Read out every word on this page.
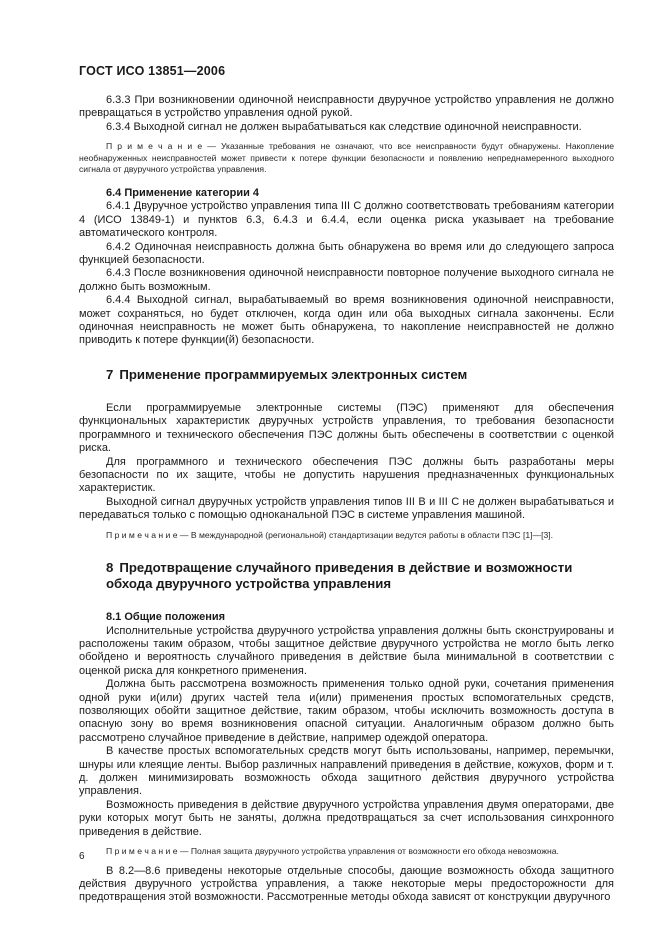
ГОСТ ИСО 13851—2006

6.3.3 При возникновении одиночной неисправности двуручное устройство управления не должно превращаться в устройство управления одной рукой.

6.3.4 Выходной сигнал не должен вырабатываться как следствие одиночной неисправности.

П р и м е ч а н и е — Указанные требования не означают, что все неисправности будут обнаружены. Накопление необнаруженных неисправностей может привести к потере функции безопасности и появлению непреднамеренного выходного сигнала от двуручного устройства управления.

6.4 Применение категории 4

6.4.1 Двуручное устройство управления типа III C должно соответствовать требованиям категории 4 (ИСО 13849-1) и пунктов 6.3, 6.4.3 и 6.4.4, если оценка риска указывает на требование автоматического контроля.

6.4.2 Одиночная неисправность должна быть обнаружена во время или до следующего запроса функцией безопасности.

6.4.3 После возникновения одиночной неисправности повторное получение выходного сигнала не должно быть возможным.

6.4.4 Выходной сигнал, вырабатываемый во время возникновения одиночной неисправности, может сохраняться, но будет отключен, когда один или оба выходных сигнала закончены. Если одиночная неисправность не может быть обнаружена, то накопление неисправностей не должно приводить к потере функции(й) безопасности.

7 Применение программируемых электронных систем

Если программируемые электронные системы (ПЭС) применяют для обеспечения функциональных характеристик двуручных устройств управления, то требования безопасности программного и технического обеспечения ПЭС должны быть обеспечены в соответствии с оценкой риска.

Для программного и технического обеспечения ПЭС должны быть разработаны меры безопасности по их защите, чтобы не допустить нарушения предназначенных функциональных характеристик.

Выходной сигнал двуручных устройств управления типов III B и III C не должен вырабатываться и передаваться только с помощью одноканальной ПЭС в системе управления машиной.

П р и м е ч а н и е — В международной (региональной) стандартизации ведутся работы в области ПЭС [1]—[3].

8 Предотвращение случайного приведения в действие и возможности обхода двуручного устройства управления
8.1 Общие положения

Исполнительные устройства двуручного устройства управления должны быть сконструированы и расположены таким образом, чтобы защитное действие двуручного устройства не могло быть легко обойдено и вероятность случайного приведения в действие была минимальной в соответствии с оценкой риска для конкретного применения.

Должна быть рассмотрена возможность применения только одной руки, сочетания применения одной руки и(или) других частей тела и(или) применения простых вспомогательных средств, позволяющих обойти защитное действие, таким образом, чтобы исключить возможность доступа в опасную зону во время возникновения опасной ситуации. Аналогичным образом должно быть рассмотрено случайное приведение в действие, например одеждой оператора.

В качестве простых вспомогательных средств могут быть использованы, например, перемычки, шнуры или клеящие ленты. Выбор различных направлений приведения в действие, кожухов, форм и т. д. должен минимизировать возможность обхода защитного действия двуручного устройства управления.

Возможность приведения в действие двуручного устройства управления двумя операторами, две руки которых могут быть не заняты, должна предотвращаться за счет использования синхронного приведения в действие.

П р и м е ч а н и е — Полная защита двуручного устройства управления от возможности его обхода невозможна.

В 8.2—8.6 приведены некоторые отдельные способы, дающие возможность обхода защитного действия двуручного устройства управления, а также некоторые меры предосторожности для предотвращения этой возможности. Рассмотренные методы обхода зависят от конструкции двуручного

6
